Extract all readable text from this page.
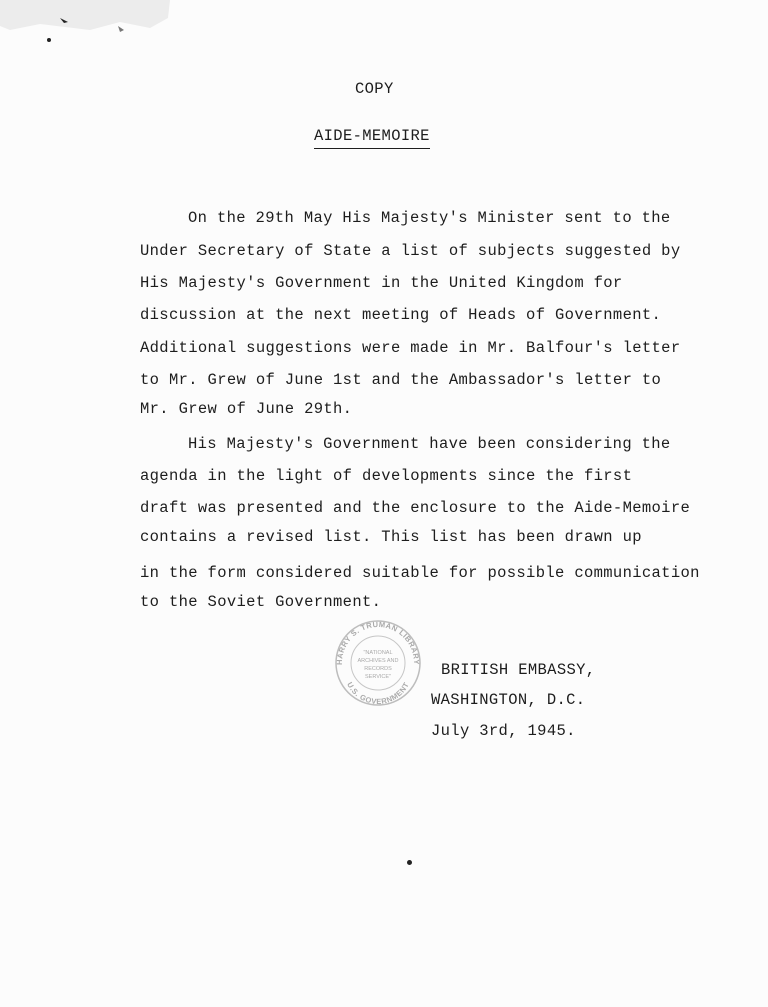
COPY
AIDE-MEMOIRE
On the 29th May His Majesty's Minister sent to the
Under Secretary of State a list of subjects suggested by
His Majesty's Government in the United Kingdom for
discussion at the next meeting of Heads of Government.
Additional suggestions were made in Mr. Balfour's letter
to Mr. Grew of June 1st and the Ambassador's letter to
Mr. Grew of June 29th.
His Majesty's Government have been considering the
agenda in the light of developments since the first
draft was presented and the enclosure to the Aide-Memoire
contains a revised list. This list has been drawn up
in the form considered suitable for possible communication
to the Soviet Government.
HARRY S. TRUMAN LIBRARY
U.S. GOVERNMENT
"NATIONAL
ARCHIVES AND
RECORDS
SERVICE"	BRITISH EMBASSY,
WASHINGTON, D.C.
July 3rd, 1945.
